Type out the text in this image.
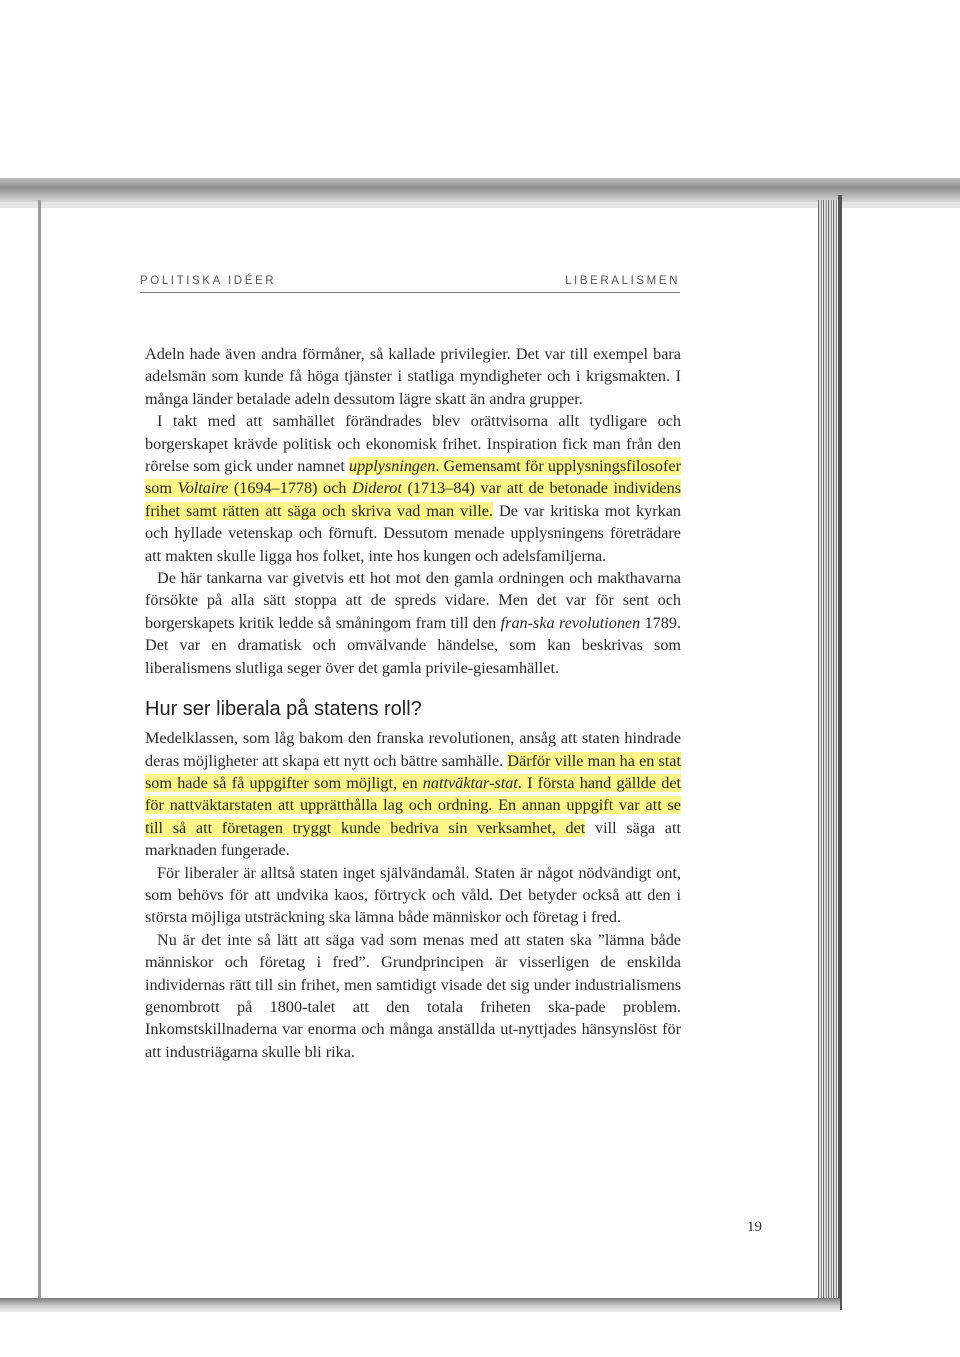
POLITISKA IDÉER	LIBERALISMEN

Adeln hade även andra förmåner, så kallade privilegier. Det var till exempel bara adelsmän som kunde få höga tjänster i statliga myndigheter och i krigsmakten. I många länder betalade adeln dessutom lägre skatt än andra grupper.

I takt med att samhället förändrades blev orättvisorna allt tydligare och borgerskapet krävde politisk och ekonomisk frihet. Inspiration fick man från den rörelse som gick under namnet upplysningen. Gemensamt för upplysningsfilosofer som Voltaire (1694–1778) och Diderot (1713–84) var att de betonade individens frihet samt rätten att säga och skriva vad man ville. De var kritiska mot kyrkan och hyllade vetenskap och förnuft. Dessutom menade upplysningens företrädare att makten skulle ligga hos folket, inte hos kungen och adelsfamiljerna.

De här tankarna var givetvis ett hot mot den gamla ordningen och makthavarna försökte på alla sätt stoppa att de spreds vidare. Men det var för sent och borgerskapets kritik ledde så småningom fram till den fran-ska revolutionen 1789. Det var en dramatisk och omvälvande händelse, som kan beskrivas som liberalismens slutliga seger över det gamla privile-giesamhället.

Hur ser liberala på statens roll?

Medelklassen, som låg bakom den franska revolutionen, ansåg att staten hindrade deras möjligheter att skapa ett nytt och bättre samhälle. Därför ville man ha en stat som hade så få uppgifter som möjligt, en nattväktar-stat. I första hand gällde det för nattväktarstaten att upprätthålla lag och ordning. En annan uppgift var att se till så att företagen tryggt kunde bedriva sin verksamhet, det vill säga att marknaden fungerade.

För liberaler är alltså staten inget självändamål. Staten är något nödvändigt ont, som behövs för att undvika kaos, förtryck och våld. Det betyder också att den i största möjliga utsträckning ska lämna både människor och företag i fred.

Nu är det inte så lätt att säga vad som menas med att staten ska ”lämna både människor och företag i fred”. Grundprincipen är visserligen de enskilda individernas rätt till sin frihet, men samtidigt visade det sig under industrialismens genombrott på 1800-talet att den totala friheten ska-pade problem. Inkomstskillnaderna var enorma och många anställda ut-nyttjades hänsynslöst för att industriägarna skulle bli rika.

19
